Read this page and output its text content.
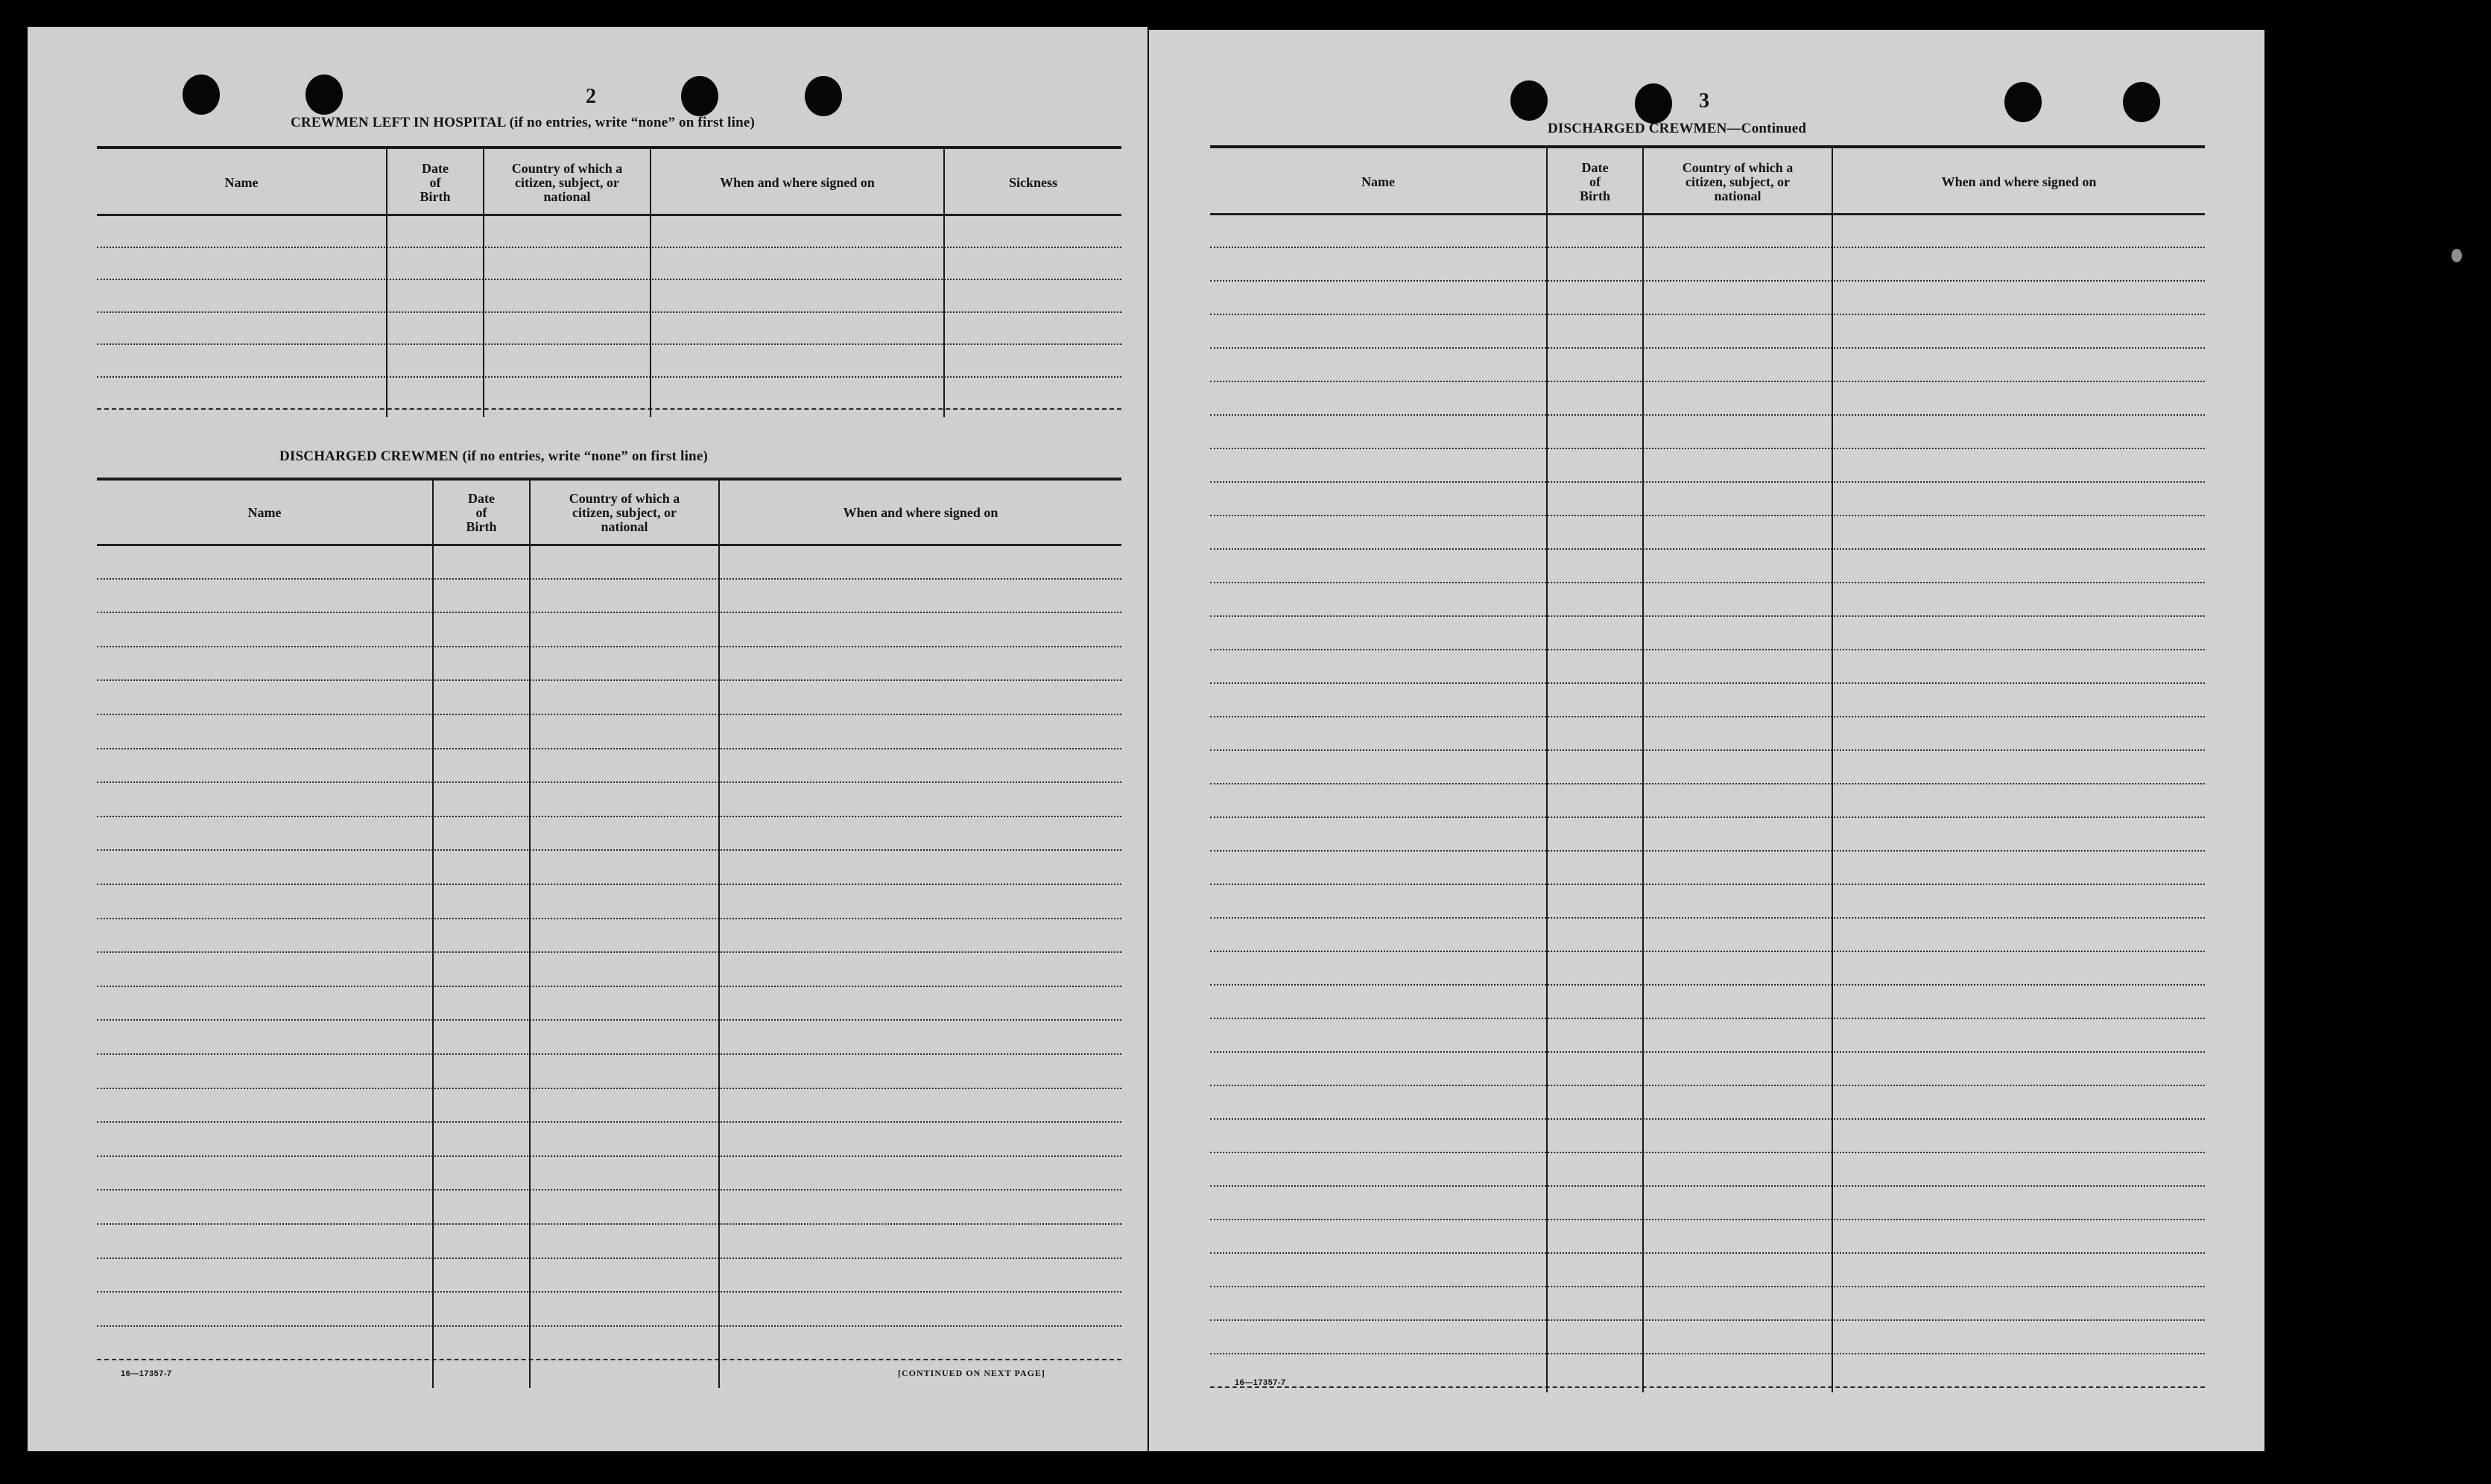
2
CREWMEN LEFT IN HOSPITAL (if no entries, write “none” on first line)
Name
Date
of
Birth
Country of which a
citizen, subject, or
national
When and where signed on	Sickness
DISCHARGED CREWMEN (if no entries, write “none” on first line)
Name
Date
of
Birth
Country of which a
citizen, subject, or
national
When and where signed on
16—17357-7	[CONTINUED ON NEXT PAGE]
3
DISCHARGED CREWMEN—Continued
Name
Date
of
Birth
Country of which a
citizen, subject, or
national
When and where signed on
16—17357-7
